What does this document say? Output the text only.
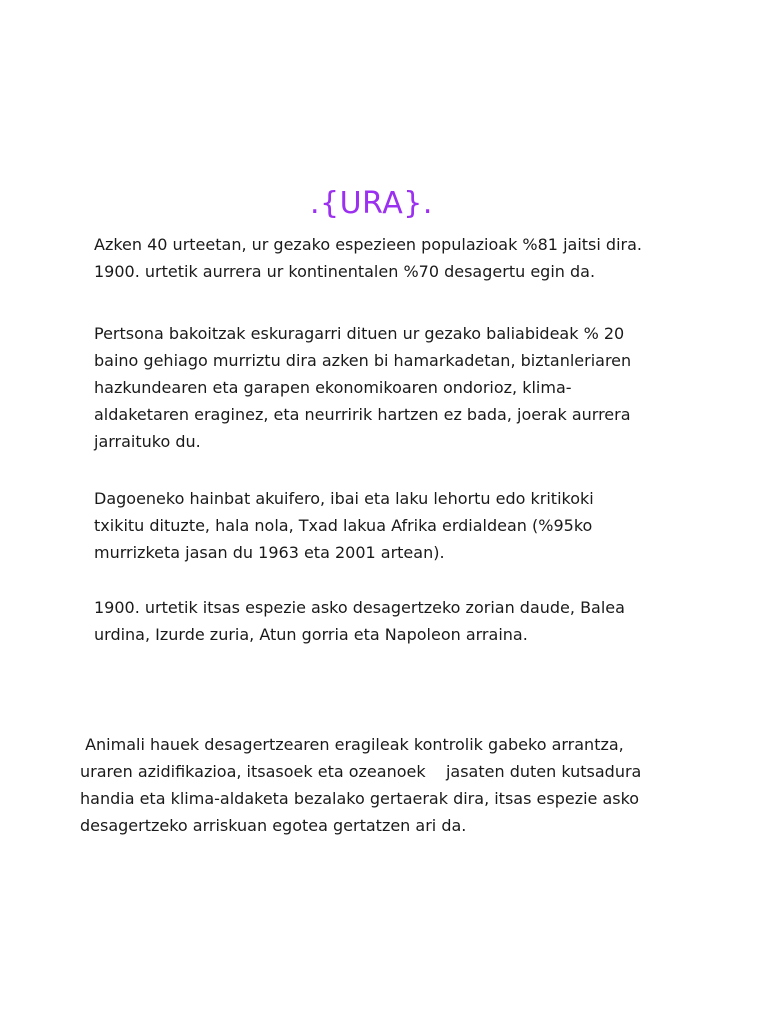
.{URA}.

Azken 40 urteetan, ur gezako espezieen populazioak %81 jaitsi dira.
1900. urtetik aurrera ur kontinentalen %70 desagertu egin da.

Pertsona bakoitzak eskuragarri dituen ur gezako baliabideak % 20
baino gehiago murriztu dira azken bi hamarkadetan, biztanleriaren
hazkundearen eta garapen ekonomikoaren ondorioz, klima-
aldaketaren eraginez, eta neurririk hartzen ez bada, joerak aurrera
jarraituko du.

Dagoeneko hainbat akuifero, ibai eta laku lehortu edo kritikoki
txikitu dituzte, hala nola, Txad lakua Afrika erdialdean (%95ko
murrizketa jasan du 1963 eta 2001 artean).

1900. urtetik itsas espezie asko desagertzeko zorian daude, Balea
urdina, Izurde zuria, Atun gorria eta Napoleon arraina.

Animali hauek desagertzearen eragileak kontrolik gabeko arrantza,
uraren azidifikazioa, itsasoek eta ozeanoek    jasaten duten kutsadura
handia eta klima-aldaketa bezalako gertaerak dira, itsas espezie asko
desagertzeko arriskuan egotea gertatzen ari da.
